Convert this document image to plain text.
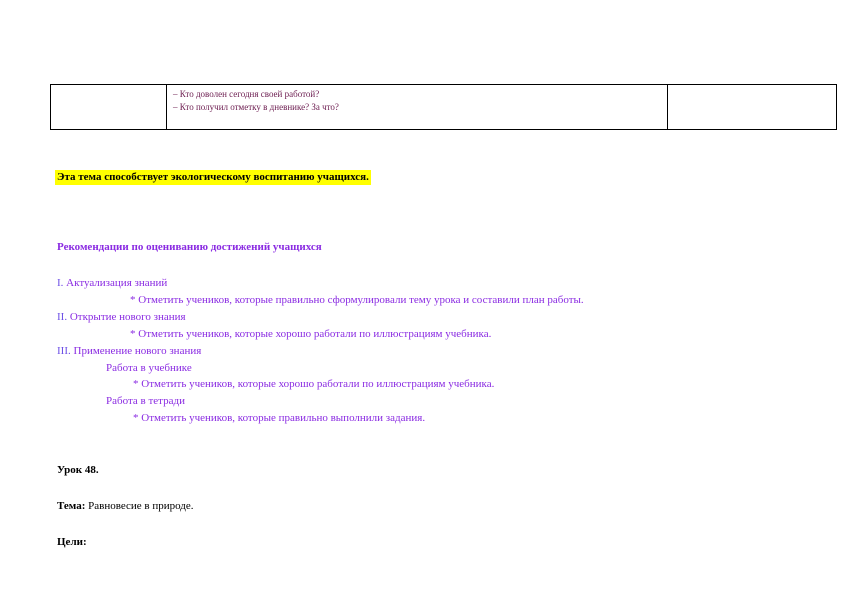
– Кто доволен сегодня своей работой?
– Кто получил отметку в дневнике? За что?

Эта тема способствует экологическому воспитанию учащихся.
Рекомендации по оцениванию достижений учащихся
I. Актуализация знаний
* Отметить учеников, которые правильно сформулировали тему урока и составили план работы.
II. Открытие нового знания
* Отметить учеников, которые хорошо работали по иллюстрациям учебника.
III. Применение нового знания
Работа в учебнике
* Отметить учеников, которые хорошо работали по иллюстрациям учебника.
Работа в тетради
* Отметить учеников, которые правильно выполнили задания.
Урок 48.
Тема: Равновесие в природе.
Цели:
